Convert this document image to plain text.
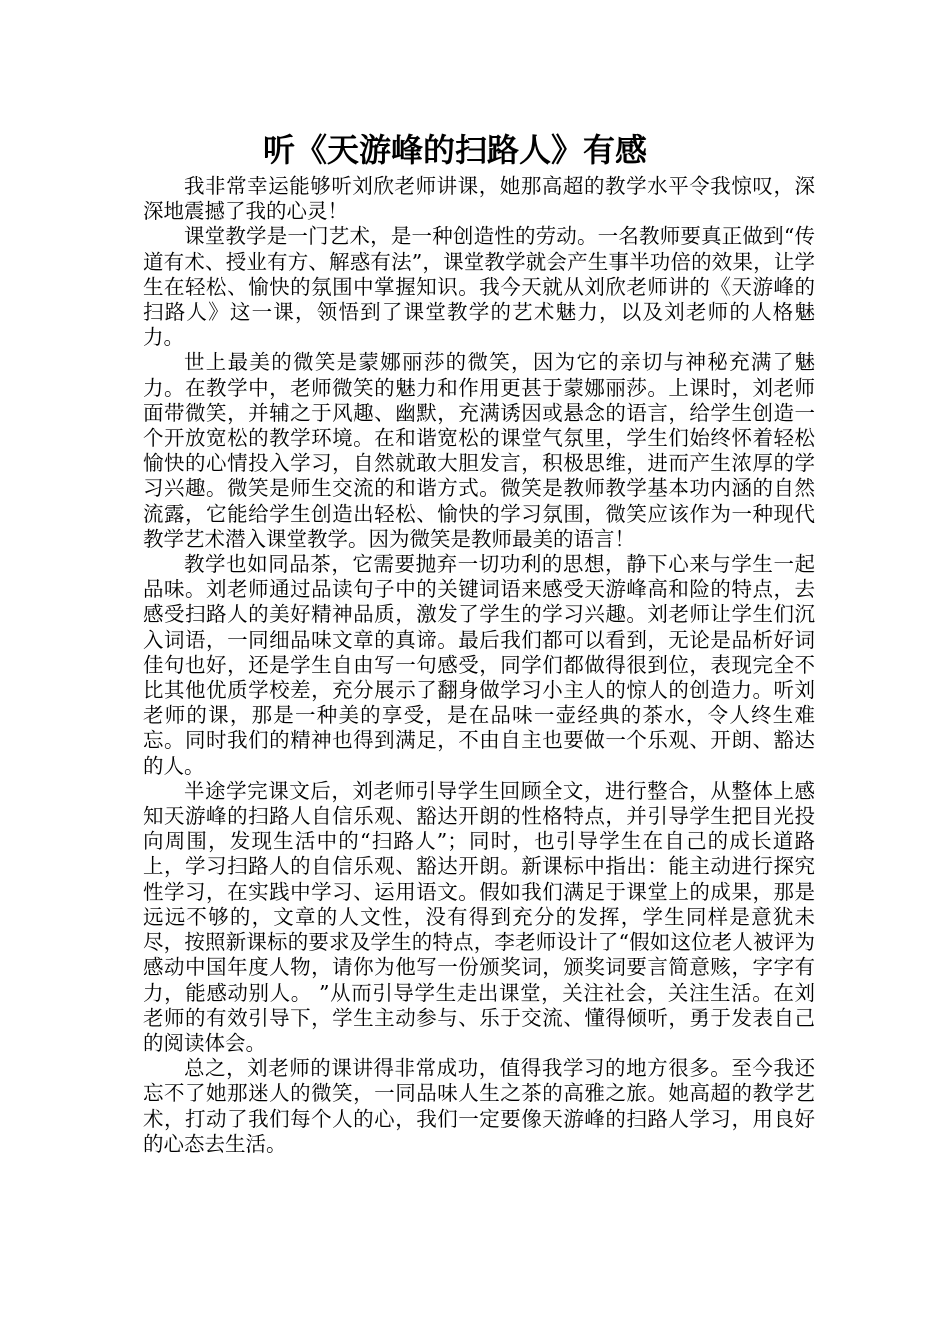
听《天游峰的扫路人》有感

我非常幸运能够听刘欣老师讲课，她那高超的教学水平令我惊叹，深深地震撼了我的心灵！

课堂教学是一门艺术，是一种创造性的劳动。一名教师要真正做到“传道有术、授业有方、解惑有法”，课堂教学就会产生事半功倍的效果，让学生在轻松、愉快的氛围中掌握知识。我今天就从刘欣老师讲的《天游峰的扫路人》这一课，领悟到了课堂教学的艺术魅力，以及刘老师的人格魅力。

世上最美的微笑是蒙娜丽莎的微笑，因为它的亲切与神秘充满了魅力。在教学中，老师微笑的魅力和作用更甚于蒙娜丽莎。上课时，刘老师面带微笑，并辅之于风趣、幽默，充满诱因或悬念的语言，给学生创造一个开放宽松的教学环境。在和谐宽松的课堂气氛里，学生们始终怀着轻松愉快的心情投入学习，自然就敢大胆发言，积极思维，进而产生浓厚的学习兴趣。微笑是师生交流的和谐方式。微笑是教师教学基本功内涵的自然流露，它能给学生创造出轻松、愉快的学习氛围，微笑应该作为一种现代教学艺术潜入课堂教学。因为微笑是教师最美的语言！

教学也如同品茶，它需要抛弃一切功利的思想，静下心来与学生一起品味。刘老师通过品读句子中的关键词语来感受天游峰高和险的特点，去感受扫路人的美好精神品质，激发了学生的学习兴趣。刘老师让学生们沉入词语，一同细品味文章的真谛。最后我们都可以看到，无论是品析好词佳句也好，还是学生自由写一句感受，同学们都做得很到位，表现完全不比其他优质学校差，充分展示了翻身做学习小主人的惊人的创造力。听刘老师的课，那是一种美的享受，是在品味一壶经典的茶水，令人终生难忘。同时我们的精神也得到满足，不由自主也要做一个乐观、开朗、豁达的人。

半途学完课文后，刘老师引导学生回顾全文，进行整合，从整体上感知天游峰的扫路人自信乐观、豁达开朗的性格特点，并引导学生把目光投向周围，发现生活中的“扫路人”；同时，也引导学生在自己的成长道路上，学习扫路人的自信乐观、豁达开朗。新课标中指出：能主动进行探究性学习，在实践中学习、运用语文。假如我们满足于课堂上的成果，那是远远不够的，文章的人文性，没有得到充分的发挥，学生同样是意犹未尽，按照新课标的要求及学生的特点，李老师设计了“假如这位老人被评为感动中国年度人物，请你为他写一份颁奖词，颁奖词要言简意赅，字字有力，能感动别人。 ”从而引导学生走出课堂，关注社会，关注生活。在刘老师的有效引导下，学生主动参与、乐于交流、懂得倾听，勇于发表自己的阅读体会。

总之，刘老师的课讲得非常成功，值得我学习的地方很多。至今我还忘不了她那迷人的微笑，一同品味人生之茶的高雅之旅。她高超的教学艺术，打动了我们每个人的心，我们一定要像天游峰的扫路人学习，用良好的心态去生活。
